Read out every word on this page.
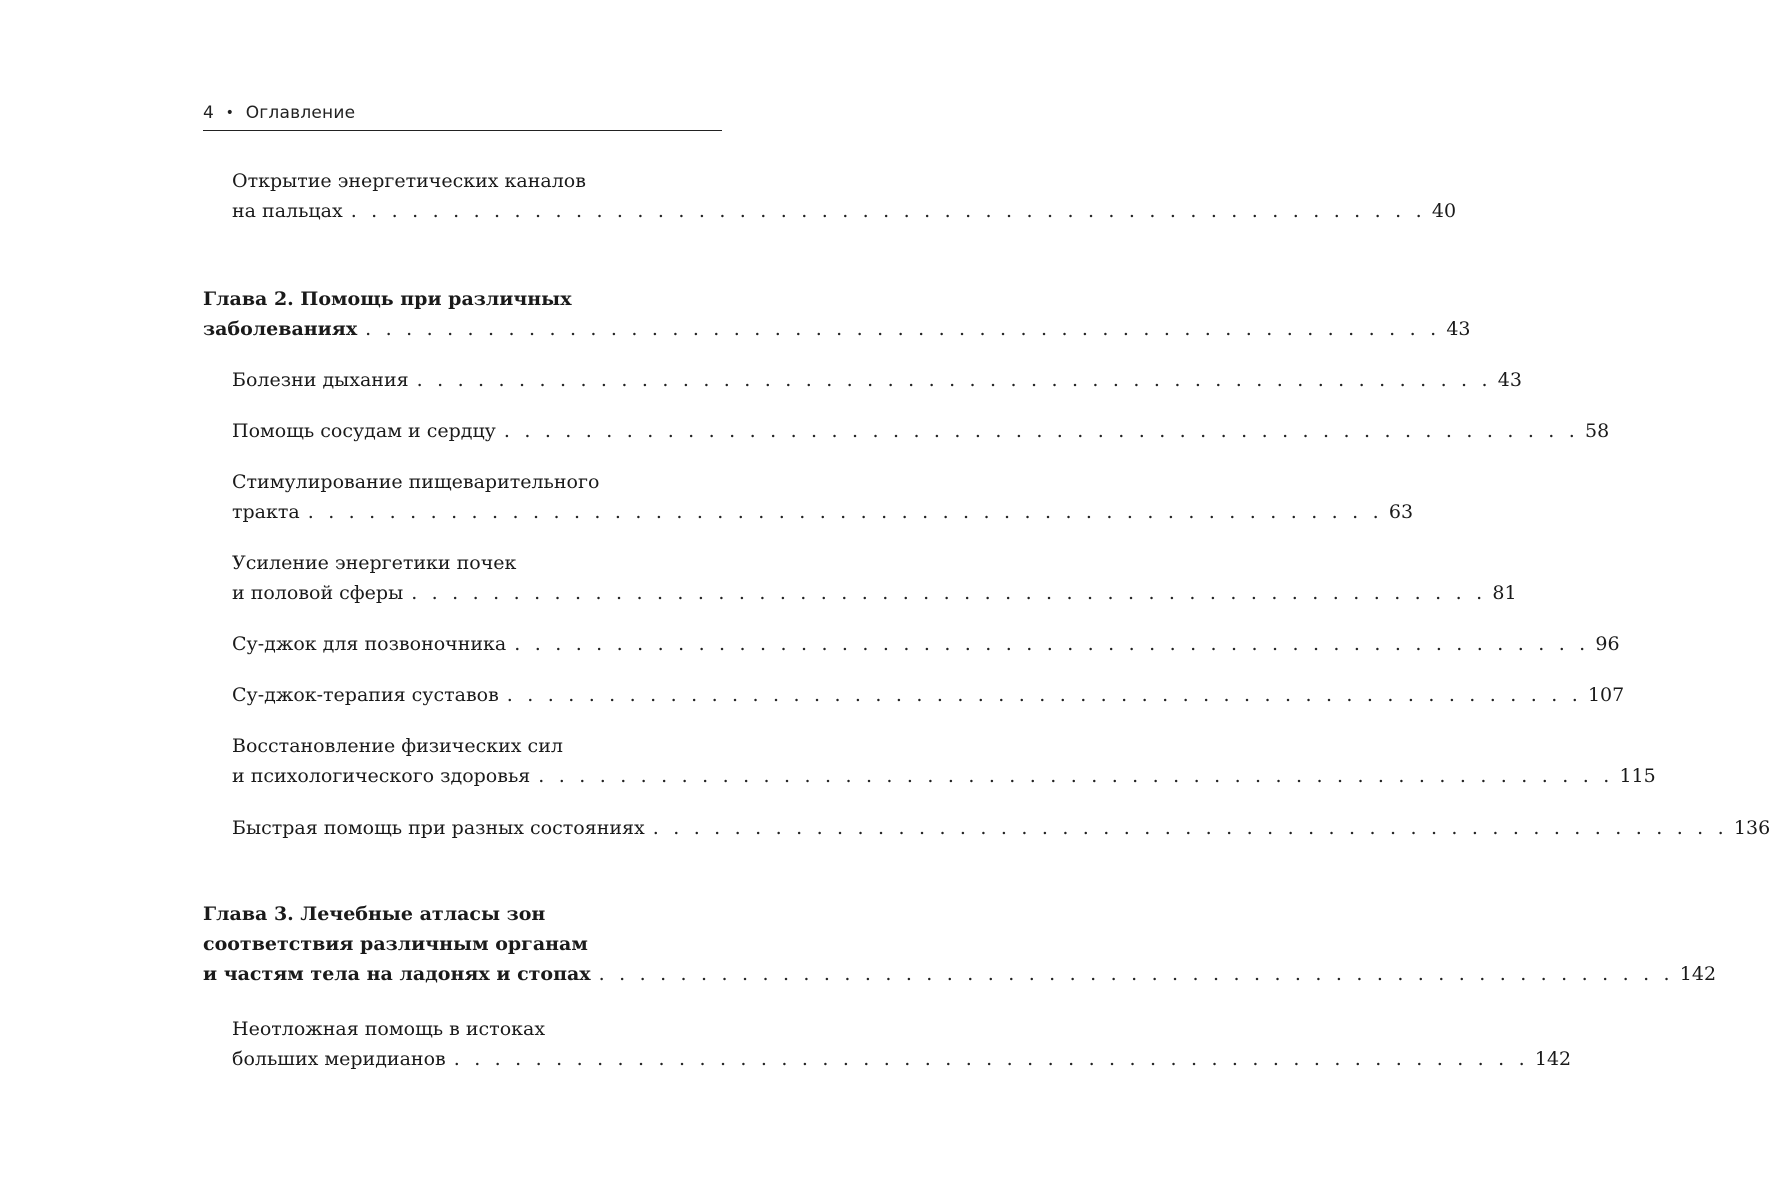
4 • Оглавление
Открытие энергетических каналов
на пальцах . . . . . . . . . . . . . . . . . . . . . . . . . . . . . . . . . . . . . . . . . . . . . . . . . . . . . 40
Глава 2. Помощь при различных
заболеваниях . . . . . . . . . . . . . . . . . . . . . . . . . . . . . . . . . . . . . . . . . . . . . . . . . . . . . 43
Болезни дыхания . . . . . . . . . . . . . . . . . . . . . . . . . . . . . . . . . . . . . . . . . . . . . . . . . . . . . 43
Помощь сосудам и сердцу . . . . . . . . . . . . . . . . . . . . . . . . . . . . . . . . . . . . . . . . . . . . . . . . . . . . . 58
Стимулирование пищеварительного
тракта . . . . . . . . . . . . . . . . . . . . . . . . . . . . . . . . . . . . . . . . . . . . . . . . . . . . . 63
Усиление энергетики почек
и половой сферы . . . . . . . . . . . . . . . . . . . . . . . . . . . . . . . . . . . . . . . . . . . . . . . . . . . . . 81
Су-джок для позвоночника . . . . . . . . . . . . . . . . . . . . . . . . . . . . . . . . . . . . . . . . . . . . . . . . . . . . . 96
Су-джок-терапия суставов . . . . . . . . . . . . . . . . . . . . . . . . . . . . . . . . . . . . . . . . . . . . . . . . . . . . . 107
Восстановление физических сил
и психологического здоровья . . . . . . . . . . . . . . . . . . . . . . . . . . . . . . . . . . . . . . . . . . . . . . . . . . . . . 115
Быстрая помощь при разных состояниях . . . . . . . . . . . . . . . . . . . . . . . . . . . . . . . . . . . . . . . . . . . . . . . . . . . . . 136
Глава 3. Лечебные атласы зон
соответствия различным органам
и частям тела на ладонях и стопах . . . . . . . . . . . . . . . . . . . . . . . . . . . . . . . . . . . . . . . . . . . . . . . . . . . . . 142
Неотложная помощь в истоках
больших меридианов . . . . . . . . . . . . . . . . . . . . . . . . . . . . . . . . . . . . . . . . . . . . . . . . . . . . . 142
